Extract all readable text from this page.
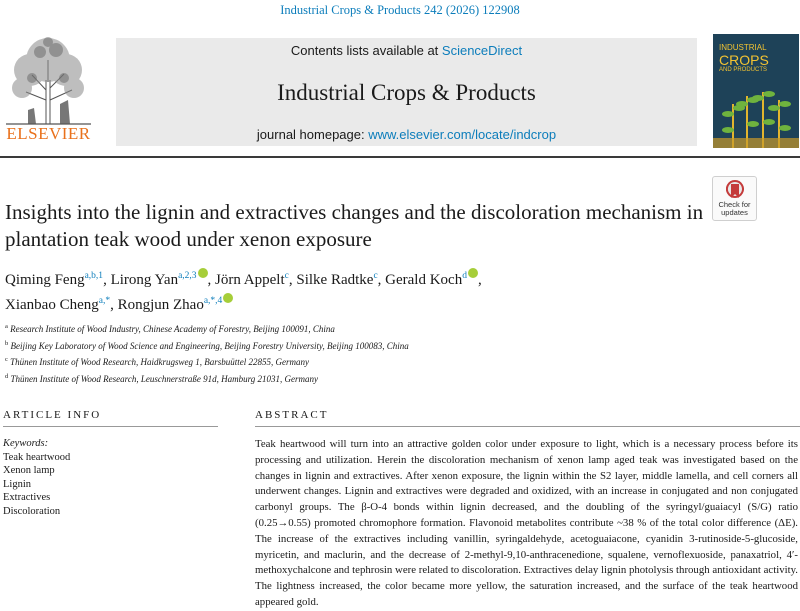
Industrial Crops & Products 242 (2026) 122908
ELSEVIER
Contents lists available at ScienceDirect
Industrial Crops & Products
journal homepage: www.elsevier.com/locate/indcrop
INDUSTRIAL
CROPS
AND PRODUCTS
Check for updates
Insights into the lignin and extractives changes and the discoloration mechanism in plantation teak wood under xenon exposure
Qiming Feng$^{a,b,1}$, Lirong Yan$^{a,2,3}$ , Jörn Appelt$^c$, Silke Radtke$^c$, Gerald Koch$^d$ ,
Xianbao Cheng$^{a,*}$, Rongjun Zhao$^{a,*,4}$
$^a$ Research Institute of Wood Industry, Chinese Academy of Forestry, Beijing 100091, China
$^b$ Beijing Key Laboratory of Wood Science and Engineering, Beijing Forestry University, Beijing 100083, China
$^c$ Thünen Institute of Wood Research, Haidkrugsweg 1, Barsbuüttel 22855, Germany
$^d$ Thünen Institute of Wood Research, Leuschnerstraße 91d, Hamburg 21031, Germany
ARTICLE INFO	ABSTRACT
Keywords:
Teak heartwood
Xenon lamp
Lignin
Extractives
Discoloration
Teak heartwood will turn into an attractive golden color under exposure to light, which is a necessary process before its processing and utilization. Herein the discoloration mechanism of xenon lamp aged teak was investigated based on the changes in lignin and extractives. After xenon exposure, the lignin within the S2 layer, middle lamella, and cell corners all underwent changes. Lignin and extractives were degraded and oxidized, with an increase in conjugated and non conjugated carbonyl groups. The β-O-4 bonds within lignin decreased, and the doubling of the syringyl/guaiacyl (S/G) ratio (0.25→0.55) promoted chromophore formation. Flavonoid metabolites contribute ~38 % of the total color difference (ΔE). The increase of the extractives including vanillin, syringaldehyde, acetoguaiacone, cyanidin 3-rutinoside-5-glucoside, myricetin, and maclurin, and the decrease of 2-methyl-9,10-anthracenedione, squalene, vernoflexuoside, panaxatriol, 4′-methoxychalcone and tephrosin were related to discoloration. Extractives delay lignin photolysis through antioxidant activity. The lightness increased, the color became more yellow, the saturation increased, and the surface of the teak heartwood appeared gold.
